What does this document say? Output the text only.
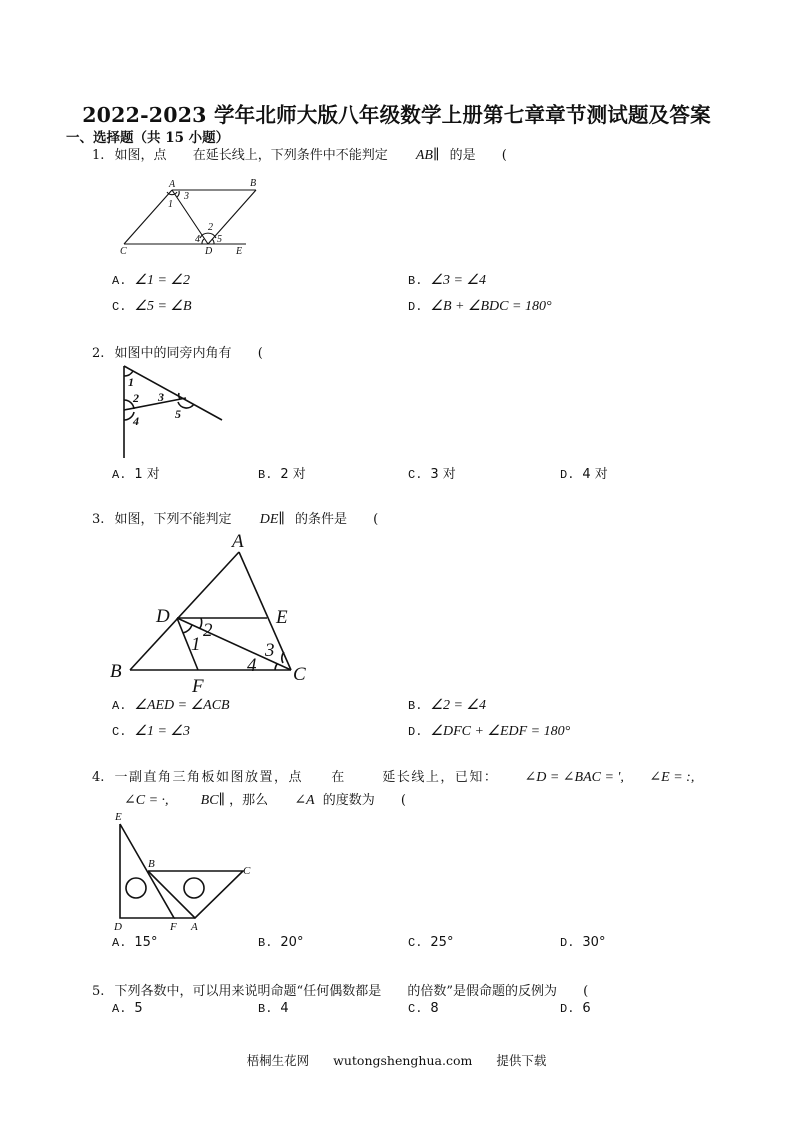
2022-2023 学年北师大版八年级数学上册第七章章节测试题及答案
一、选择题（共 15 小题）
1. 如图，点 在延长线上，下列条件中不能判定 AB∥ 的是 (
A	B
C	D E
1
2
3
4 5
A. ∠1 = ∠2	B. ∠3 = ∠4
C. ∠5 = ∠B	D. ∠B + ∠BDC = 180°
2. 如图中的同旁内角有 (
1
2 3
4	5
A. 1 对	B. 2 对	C. 3 对	D. 4 对
3. 如图，下列不能判定 DE∥ 的条件是 (
A
B	C
D	E
F
1
2
3
4
A. ∠AED = ∠ACB	B. ∠2 = ∠4
C. ∠1 = ∠3	D. ∠DFC + ∠EDF = 180°
4. 一副直角三角板如图放置，点 在	延长线上，已知： ∠D = ∠BAC = ', ∠E = :,
∠C = ·, BC∥ ，那么 ∠A 的度数为 (
E
B
C
D	F A
A. 15°	B. 20°	C. 25°	D. 30°
5. 下列各数中，可以用来说明命题“任何偶数都是 的倍数”是假命题的反例为 (
A. 5	B. 4	C. 8	D. 6
梧桐生花网 wutongshenghua.com 提供下载
